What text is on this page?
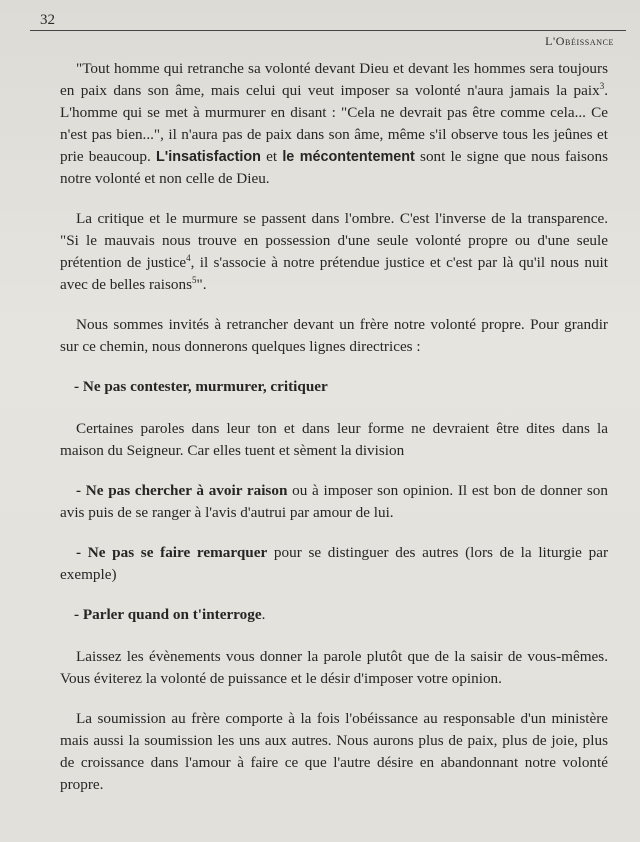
32
L'Obéissance

"Tout homme qui retranche sa volonté devant Dieu et devant les hommes sera toujours en paix dans son âme, mais celui qui veut imposer sa volonté n'aura jamais la paix$^3$. L'homme qui se met à murmurer en disant : "Cela ne devrait pas être comme cela... Ce n'est pas bien...", il n'aura pas de paix dans son âme, même s'il observe tous les jeûnes et prie beaucoup. L'insatisfaction et le mécontentement sont le signe que nous faisons notre volonté et non celle de Dieu.

La critique et le murmure se passent dans l'ombre. C'est l'inverse de la transparence. "Si le mauvais nous trouve en possession d'une seule volonté propre ou d'une seule prétention de justice$^4$, il s'associe à notre prétendue justice et c'est par là qu'il nous nuit avec de belles raisons$^5$".

Nous sommes invités à retrancher devant un frère notre volonté propre. Pour grandir sur ce chemin, nous donnerons quelques lignes directrices :

- Ne pas contester, murmurer, critiquer

Certaines paroles dans leur ton et dans leur forme ne devraient être dites dans la maison du Seigneur. Car elles tuent et sèment la division

- Ne pas chercher à avoir raison ou à imposer son opinion. Il est bon de donner son avis puis de se ranger à l'avis d'autrui par amour de lui.

- Ne pas se faire remarquer pour se distinguer des autres (lors de la liturgie par exemple)

- Parler quand on t'interroge.

Laissez les évènements vous donner la parole plutôt que de la saisir de vous-mêmes. Vous éviterez la volonté de puissance et le désir d'imposer votre opinion.

La soumission au frère comporte à la fois l'obéissance au responsable d'un ministère mais aussi la soumission les uns aux autres. Nous aurons plus de paix, plus de joie, plus de croissance dans l'amour à faire ce que l'autre désire en abandonnant notre volonté propre.
